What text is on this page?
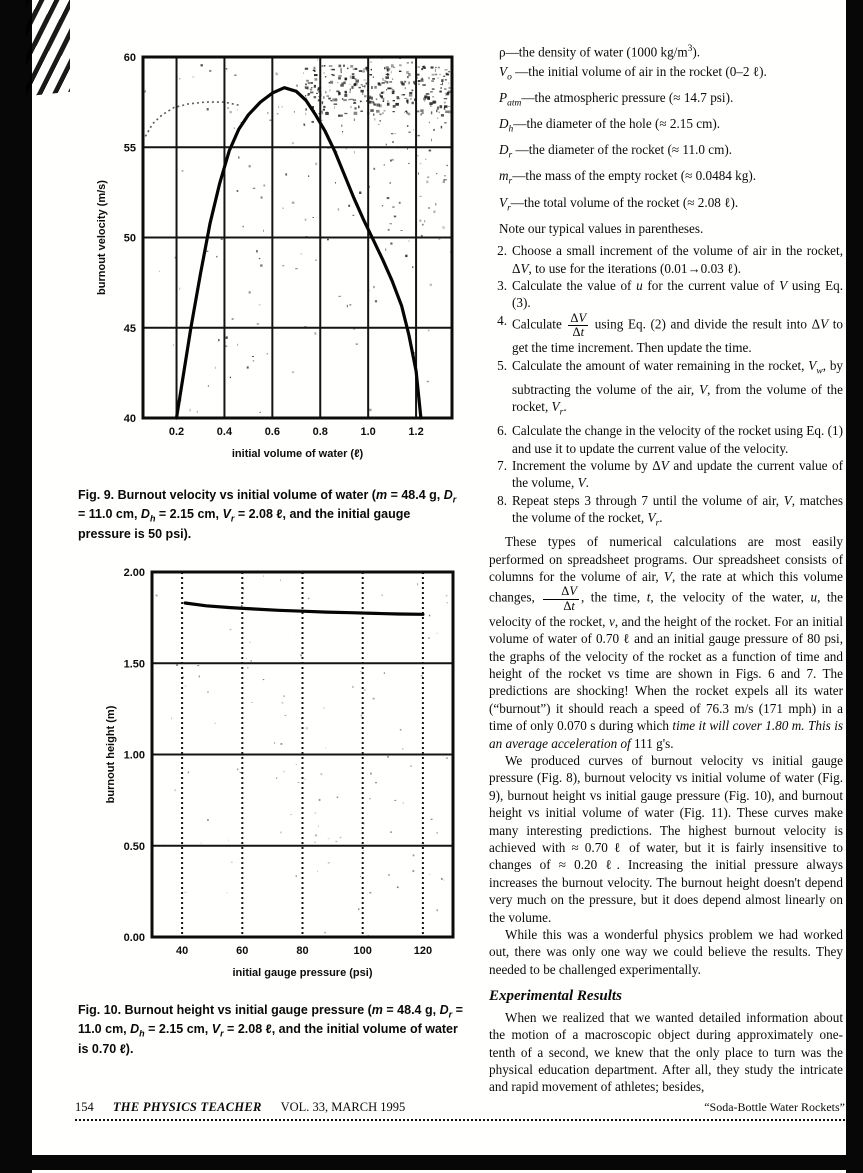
40
45
50
55
60
0.2	0.4	0.6	0.8	1.0	1.2
initial volume of water (ℓ)
burnout velocity (m/s)

Fig. 9. Burnout velocity vs initial volume of water (m = 48.4 g, $D_r = 11.0$ cm, $D_h = 2.15$ cm, $V_r = 2.08$ ℓ, and the initial gauge pressure is 50 psi).

0.00
0.50
1.00
1.50
2.00
40	60	80	100	120
initial gauge pressure (psi)
burnout height (m)

Fig. 10. Burnout height vs initial gauge pressure (m = 48.4 g, $D_r = 11.0$ cm, $D_h = 2.15$ cm, $V_r = 2.08$ ℓ, and the initial volume of water is 0.70 ℓ).

ρ—the density of water (1000 $kg/m^3$).
$V_o$ —the initial volume of air in the rocket (0–2 ℓ).
$P_{atm}—the$ atmospheric pressure (≈ 14.7 psi).
$D_h—the$ diameter of the hole (≈ 2.15 cm).
$D_r$ —the diameter of the rocket (≈ 11.0 cm).
$m_r—the$ mass of the empty rocket (≈ 0.0484 kg).
$V_r—the$ total volume of the rocket (≈ 2.08 ℓ).
Note our typical values in parentheses.
2. Choose a small increment of the volume of air in the rocket, ΔV, to use for the iterations (0.01→0.03 ℓ).
3. Calculate the value of u for the current value of V using Eq. (3).
4. Calculate $\frac{\Delta V}{\Delta t}$ using Eq. (2) and divide the result into ΔV to get the time increment. Then update the time.
5. Calculate the amount of water remaining in the rocket, $V_w$, by subtracting the volume of the air, V, from the volume of the rocket, $V_r$.
6. Calculate the change in the velocity of the rocket using Eq. (1) and use it to update the current value of the velocity.
7. Increment the volume by ΔV and update the current value of the volume, V.
8. Repeat steps 3 through 7 until the volume of air, V, matches the volume of the rocket, $V_r$.

These types of numerical calculations are most easily performed on spreadsheet programs. Our spreadsheet consists of columns for the volume of air, V, the rate at which this volume changes, $\frac{\Delta V}{\Delta t}$ , the time, t, the velocity of the water, u, the velocity of the rocket, v, and the height of the rocket. For an initial volume of water of 0.70 ℓ and an initial gauge pressure of 80 psi, the graphs of the velocity of the rocket as a function of time and height of the rocket vs time are shown in Figs. 6 and 7. The predictions are shocking! When the rocket expels all its water (“burnout”) it should reach a speed of 76.3 m/s (171 mph) in a time of only 0.070 s during which time it will cover 1.80 m. This is an average acceleration of 111 g's.

We produced curves of burnout velocity vs initial gauge pressure (Fig. 8), burnout velocity vs initial volume of water (Fig. 9), burnout height vs initial gauge pressure (Fig. 10), and burnout height vs initial volume of water (Fig. 11). These curves make many interesting predictions. The highest burnout velocity is achieved with ≈ 0.70 ℓ of water, but it is fairly insensitive to changes of ≈ 0.20 ℓ. Increasing the initial pressure always increases the burnout velocity. The burnout height doesn't depend very much on the pressure, but it does depend almost linearly on the volume.

While this was a wonderful physics problem we had worked out, there was only one way we could believe the results. They needed to be challenged experimentally.

Experimental Results

When we realized that we wanted detailed information about the motion of a macroscopic object during approximately one-tenth of a second, we knew that the only place to turn was the physical education department. After all, they study the intricate and rapid movement of athletes; besides,

154 THE PHYSICS TEACHER VOL. 33, MARCH 1995	“Soda-Bottle Water Rockets”
